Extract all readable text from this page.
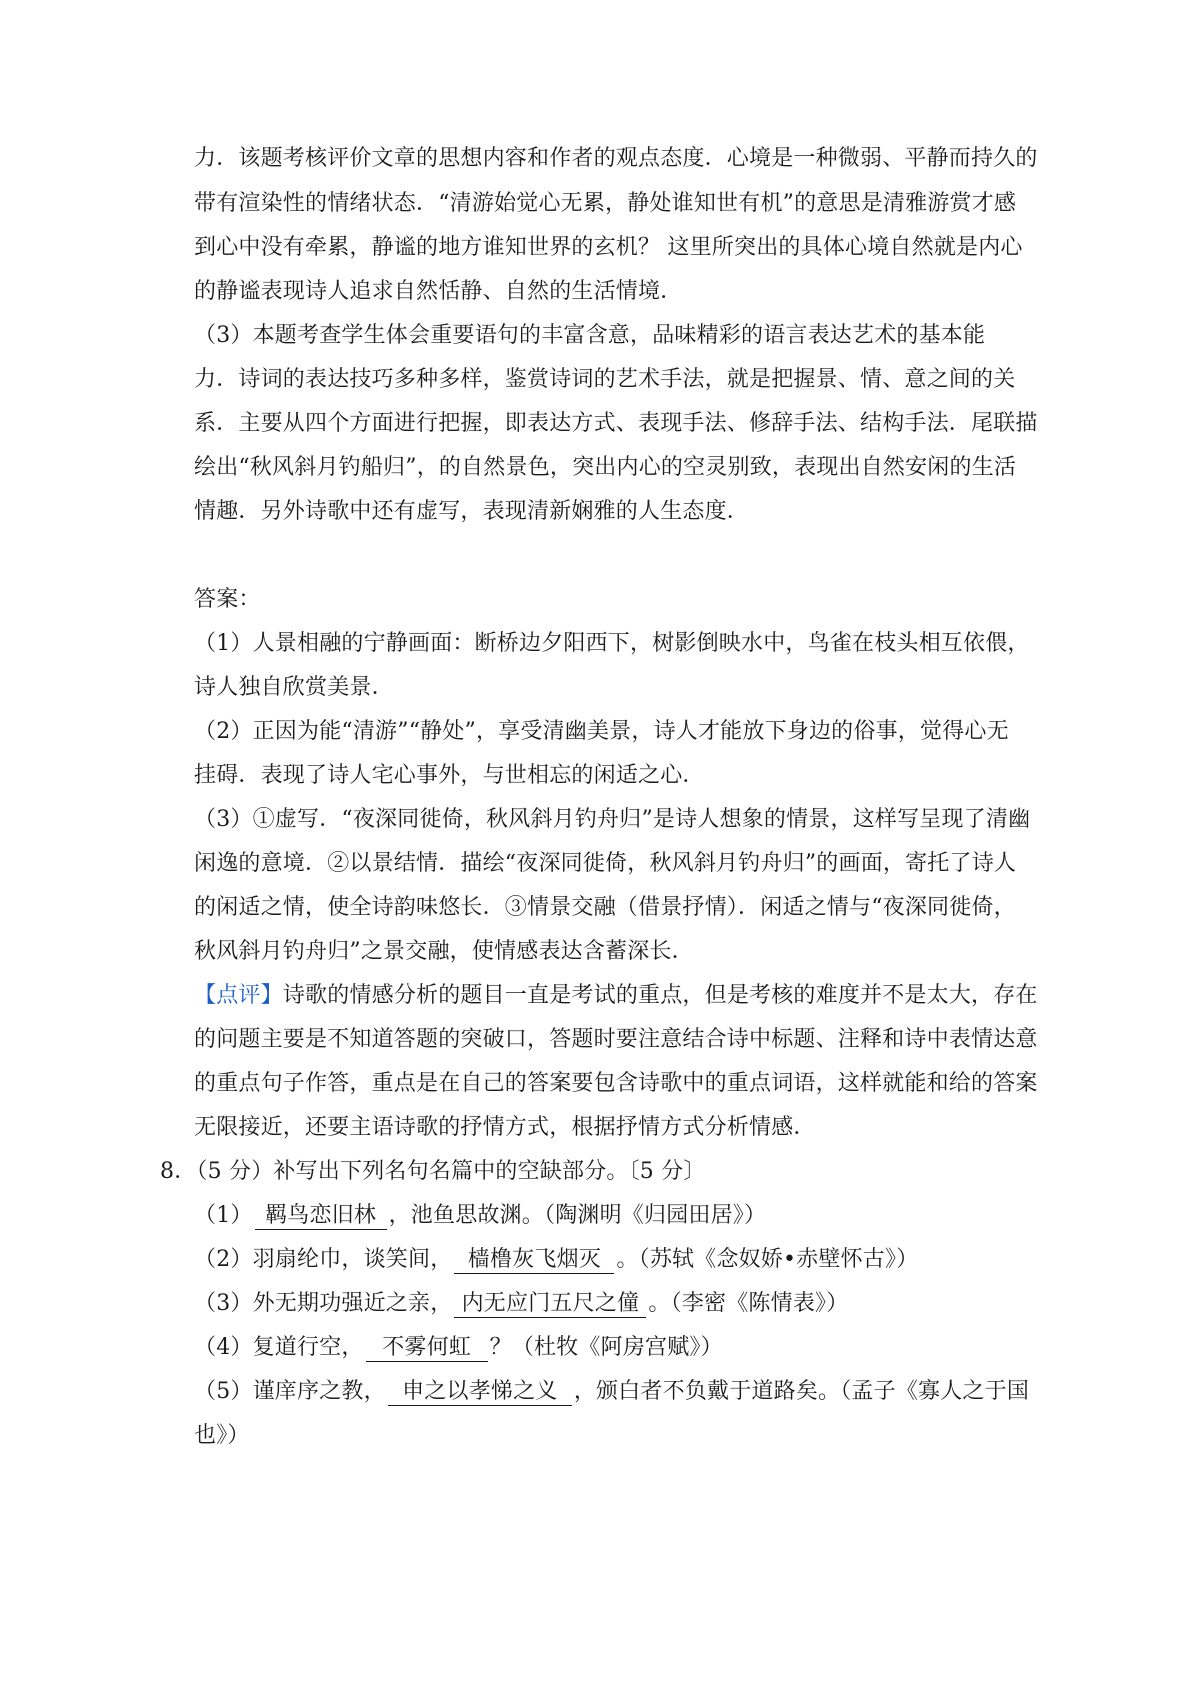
力．该题考核评价文章的思想内容和作者的观点态度．心境是一种微弱、平静而持久的
带有渲染性的情绪状态．“清游始觉心无累，静处谁知世有机”的意思是清雅游赏才感
到心中没有牵累，静谧的地方谁知世界的玄机？ 这里所突出的具体心境自然就是内心
的静谧表现诗人追求自然恬静、自然的生活情境．
（3）本题考查学生体会重要语句的丰富含意，品味精彩的语言表达艺术的基本能
力．诗词的表达技巧多种多样，鉴赏诗词的艺术手法，就是把握景、情、意之间的关
系．主要从四个方面进行把握，即表达方式、表现手法、修辞手法、结构手法．尾联描
绘出“秋风斜月钓船归”，的自然景色，突出内心的空灵别致，表现出自然安闲的生活
情趣．另外诗歌中还有虚写，表现清新娴雅的人生态度．
答案：
（1）人景相融的宁静画面：断桥边夕阳西下，树影倒映水中，鸟雀在枝头相互依偎，
诗人独自欣赏美景．
（2）正因为能“清游”“静处”，享受清幽美景，诗人才能放下身边的俗事，觉得心无
挂碍．表现了诗人宅心事外，与世相忘的闲适之心．
（3）①虚写．“夜深同徙倚，秋风斜月钓舟归”是诗人想象的情景，这样写呈现了清幽
闲逸的意境．②以景结情．描绘“夜深同徙倚，秋风斜月钓舟归”的画面，寄托了诗人
的闲适之情，使全诗韵味悠长．③情景交融（借景抒情）．闲适之情与“夜深同徙倚，
秋风斜月钓舟归”之景交融，使情感表达含蓄深长．
【点评】诗歌的情感分析的题目一直是考试的重点，但是考核的难度并不是太大，存在
的问题主要是不知道答题的突破口，答题时要注意结合诗中标题、注释和诗中表情达意
的重点句子作答，重点是在自己的答案要包含诗歌中的重点词语，这样就能和给的答案
无限接近，还要主语诗歌的抒情方式，根据抒情方式分析情感．
8．（5 分）补写出下列名句名篇中的空缺部分。〔5 分〕
（1） 羁鸟恋旧林 ，池鱼思故渊。（陶渊明《归园田居》）
（2）羽扇纶巾，谈笑间， 樯橹灰飞烟灭 。（苏轼《念奴娇•赤壁怀古》）
（3）外无期功强近之亲， 内无应门五尺之僮 。（李密《陈情表》）
（4）复道行空， 不雾何虹 ？（杜牧《阿房宫赋》）
（5）谨庠序之教， 申之以孝悌之义 ，颁白者不负戴于道路矣。（孟子《寡人之于国
也》）
